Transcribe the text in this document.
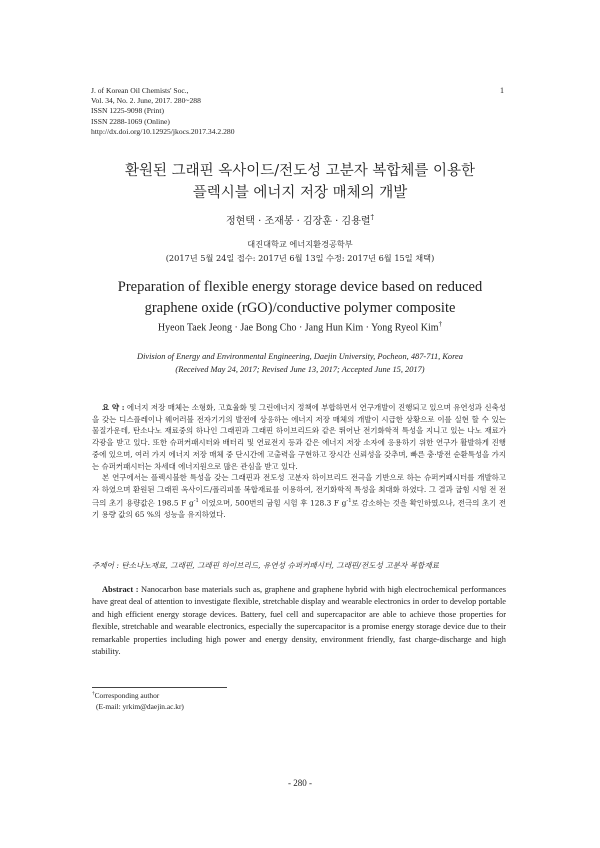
J. of Korean Oil Chemists' Soc.,
Vol. 34, No. 2. June, 2017. 280~288
ISSN 1225-9098 (Print)
ISSN 2288-1069 (Online)
http://dx.doi.org/10.12925/jkocs.2017.34.2.280
1
환원된 그래핀 옥사이드/전도성 고분자 복합체를 이용한
플렉시블 에너지 저장 매체의 개발
정현택 · 조재봉 · 김장훈 · 김용렬†
대진대학교 에너지환경공학부
(2017년 5월 24일 접수: 2017년 6월 13일 수정: 2017년 6월 15일 채택)
Preparation of flexible energy storage device based on reduced
graphene oxide (rGO)/conductive polymer composite
Hyeon Taek Jeong · Jae Bong Cho · Jang Hun Kim · Yong Ryeol Kim†
Division of Energy and Environmental Engineering, Daejin University, Pocheon, 487-711, Korea
(Received May 24, 2017; Revised June 13, 2017; Accepted June 15, 2017)

요 약 : 에너지 저장 매체는 소형화, 고효율화 및 그린에너지 정책에 부합하면서 연구개발이 진행되고 있으며 유연성과 신축성을 갖는 디스플레이나 웨어러블 전자기기의 발전에 상응하는 에너지 저장 매체의 개발이 시급한 상황으로 이를 실현 할 수 있는 물질가운데, 탄소나노 재료중의 하나인 그래핀과 그래핀 하이브리드와 같은 뛰어난 전기화학적 특성을 지니고 있는 나노 재료가 각광을 받고 있다. 또한 슈퍼커패시터와 배터리 및 연료전지 등과 같은 에너지 저장 소자에 응용하기 위한 연구가 활발하게 진행 중에 있으며, 여러 가지 에너지 저장 매체 중 단시간에 고출력을 구현하고 장시간 신뢰성을 갖추며, 빠른 충·방전 순환특성을 가지는 슈퍼커패시터는 차세대 에너지원으로 많은 관심을 받고 있다.

본 연구에서는 플렉시블한 특성을 갖는 그래핀과 전도성 고분자 하이브리드 전극을 기반으로 하는 슈퍼커패시터를 개발하고자 하였으며 환원된 그래핀 옥사이드/폴리피롤 복합재료를 이용하여, 전기화학적 특성을 최대화 하였다. 그 결과 굽힘 시험 전 전극의 초기 용량값은 198.5 F $g^{-1}$ 이었으며, 500번의 굽힘 시험 후 128.3 F $g^{-1}$로 감소하는 것을 확인하였으나, 전극의 초기 전기 용량 값의 65 %의 성능을 유지하였다.

주제어 : 탄소나노재료, 그래핀, 그래핀 하이브리드, 유연성 슈퍼커패시터, 그래핀/전도성 고분자 복합재료

Abstract : Nanocarbon base materials such as, graphene and graphene hybrid with high electrochemical performances have great deal of attention to investigate flexible, stretchable display and wearable electronics in order to develop portable and high efficient energy storage devices. Battery, fuel cell and supercapacitor are able to achieve those properties for flexible, stretchable and wearable electronics, especially the supercapacitor is a promise energy storage device due to their remarkable properties including high power and energy density, environment friendly, fast charge-discharge and high stability.

†Corresponding author
(E-mail: yrkim@daejin.ac.kr)
- 280 -
